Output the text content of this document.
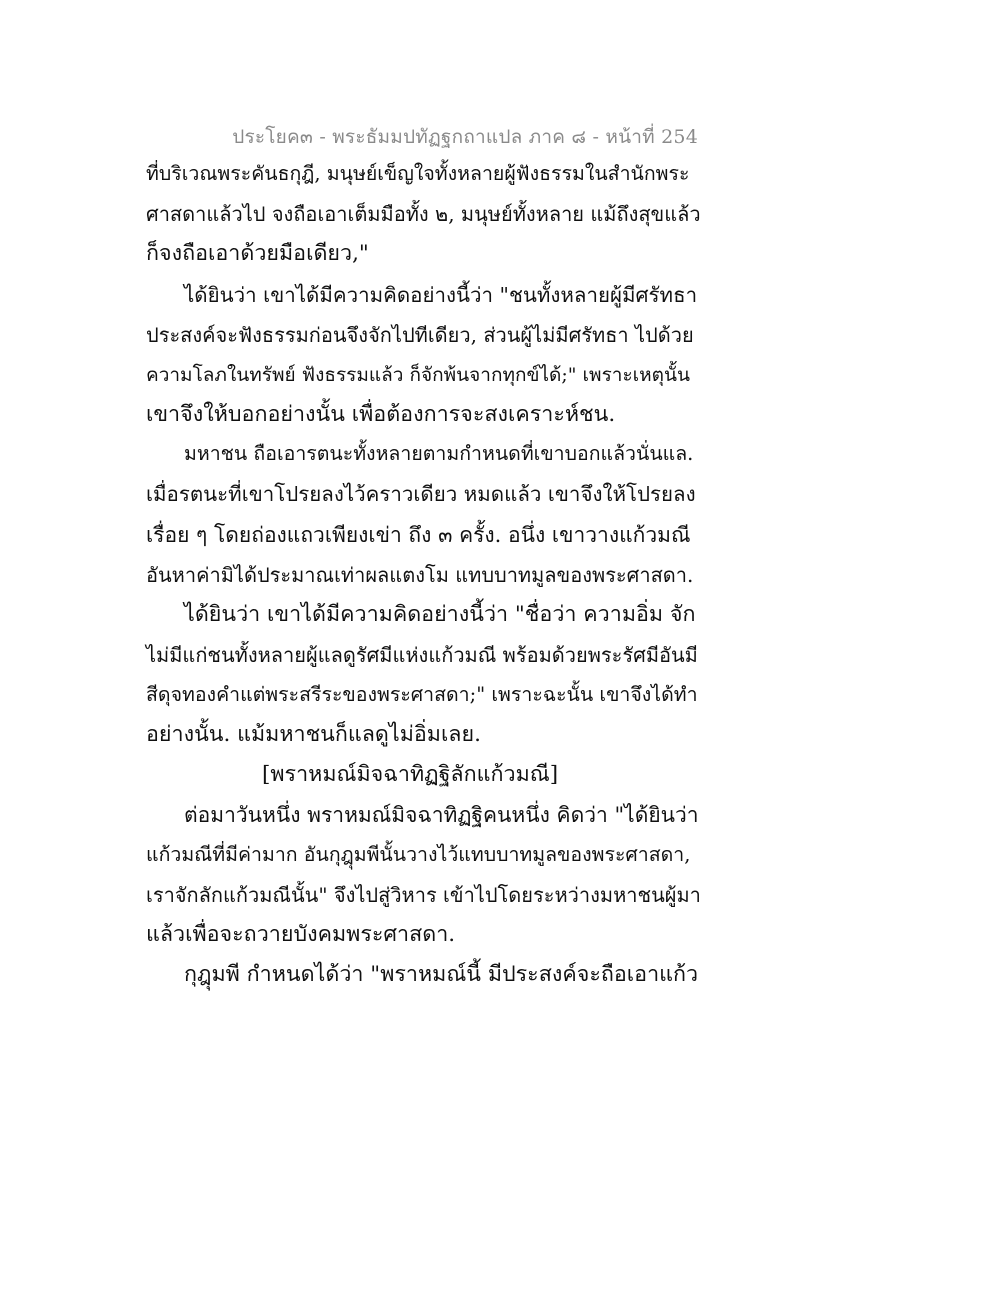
ประโยค๓ - พระธัมมปทัฏฐกถาแปล ภาค ๘ - หน้าที่ 254
ที่บริเวณพระคันธกุฎี, มนุษย์เข็ญใจทั้งหลายผู้ฟังธรรมในสำนักพระ
ศาสดาแล้วไป จงถือเอาเต็มมือทั้ง ๒, มนุษย์ทั้งหลาย แม้ถึงสุขแล้ว
ก็จงถือเอาด้วยมือเดียว,"
ได้ยินว่า เขาได้มีความคิดอย่างนี้ว่า "ชนทั้งหลายผู้มีศรัทธา
ประสงค์จะฟังธรรมก่อนจึงจักไปทีเดียว, ส่วนผู้ไม่มีศรัทธา ไปด้วย
ความโลภในทรัพย์ ฟังธรรมแล้ว ก็จักพ้นจากทุกข์ได้;" เพราะเหตุนั้น
เขาจึงให้บอกอย่างนั้น เพื่อต้องการจะสงเคราะห์ชน.
มหาชน ถือเอารตนะทั้งหลายตามกำหนดที่เขาบอกแล้วนั่นแล.
เมื่อรตนะที่เขาโปรยลงไว้คราวเดียว หมดแล้ว เขาจึงให้โปรยลง
เรื่อย ๆ โดยถ่องแถวเพียงเข่า ถึง ๓ ครั้ง. อนึ่ง เขาวางแก้วมณี
อันหาค่ามิได้ประมาณเท่าผลแตงโม แทบบาทมูลของพระศาสดา.
ได้ยินว่า เขาได้มีความคิดอย่างนี้ว่า "ชื่อว่า ความอิ่ม จัก
ไม่มีแก่ชนทั้งหลายผู้แลดูรัศมีแห่งแก้วมณี พร้อมด้วยพระรัศมีอันมี
สีดุจทองคำแต่พระสรีระของพระศาสดา;" เพราะฉะนั้น เขาจึงได้ทำ
อย่างนั้น. แม้มหาชนก็แลดูไม่อิ่มเลย.
[พราหมณ์มิจฉาทิฏฐิลักแก้วมณี]
ต่อมาวันหนึ่ง พราหมณ์มิจฉาทิฏฐิคนหนึ่ง คิดว่า "ได้ยินว่า
แก้วมณีที่มีค่ามาก อันกุฎุมพีนั้นวางไว้แทบบาทมูลของพระศาสดา,
เราจักลักแก้วมณีนั้น" จึงไปสู่วิหาร เข้าไปโดยระหว่างมหาชนผู้มา
แล้วเพื่อจะถวายบังคมพระศาสดา.
กุฎุมพี กำหนดได้ว่า "พราหมณ์นี้ มีประสงค์จะถือเอาแก้ว
